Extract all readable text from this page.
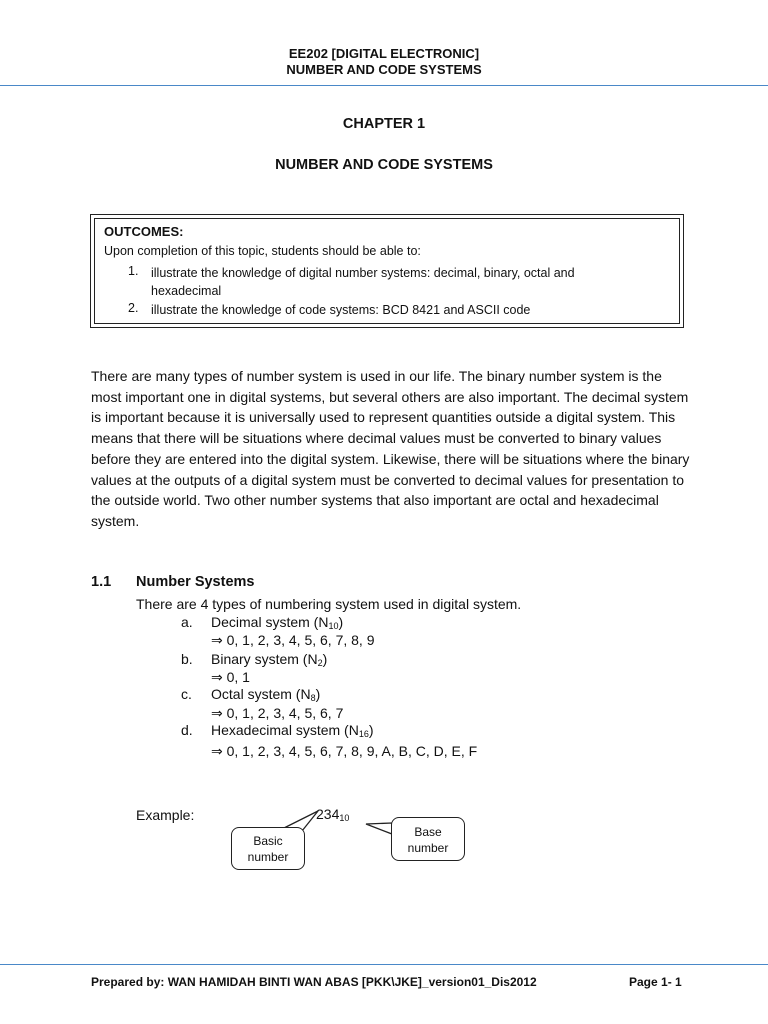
EE202 [DIGITAL ELECTRONIC]
NUMBER AND CODE SYSTEMS
CHAPTER 1
NUMBER AND CODE SYSTEMS
OUTCOMES:
Upon completion of this topic, students should be able to:
1. illustrate the knowledge of digital number systems: decimal, binary, octal and hexadecimal
2. illustrate the knowledge of code systems: BCD 8421 and ASCII code
There are many types of number system is used in our life. The binary number system is the most important one in digital systems, but several others are also important. The decimal system is important because it is universally used to represent quantities outside a digital system. This means that there will be situations where decimal values must be converted to binary values before they are entered into the digital system. Likewise, there will be situations where the binary values at the outputs of a digital system must be converted to decimal values for presentation to the outside world. Two other number systems that also important are octal and hexadecimal system.
1.1 Number Systems
There are 4 types of numbering system used in digital system.
a. Decimal system $(N_{10})$
⇒ 0, 1, 2, 3, 4, 5, 6, 7, 8, 9
b. Binary system $(N_2)$
⇒ 0, 1
c. Octal system $(N_8)$
⇒ 0, 1, 2, 3, 4, 5, 6, 7
d. Hexadecimal system $(N_{16})$
⇒ 0, 1, 2, 3, 4, 5, 6, 7, 8, 9, A, B, C, D, E, F
Example:	$234_{10}$
Basic
number
Base
number
Prepared by: WAN HAMIDAH BINTI WAN ABAS [PKK\JKE]_version01_Dis2012	Page 1- 1
